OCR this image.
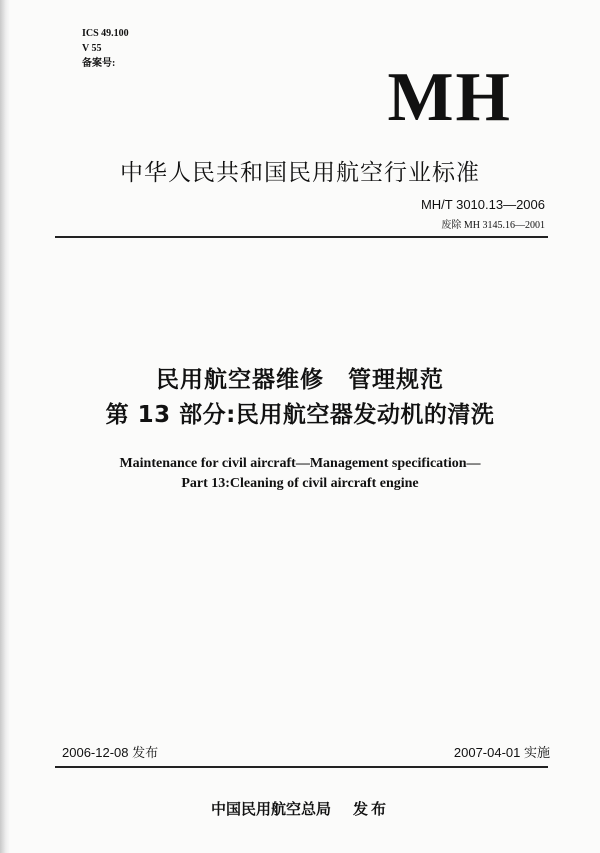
ICS 49.100
V 55
备案号:	MH
中华人民共和国民用航空行业标准
MH/T 3010.13—2006
废除 MH 3145.16—2001
民用航空器维修　管理规范
第 13 部分:民用航空器发动机的清洗
Maintenance for civil aircraft—Management specification—
Part 13:Cleaning of civil aircraft engine
2006-12-08 发布	2007-04-01 实施
中国民用航空总局 发布
